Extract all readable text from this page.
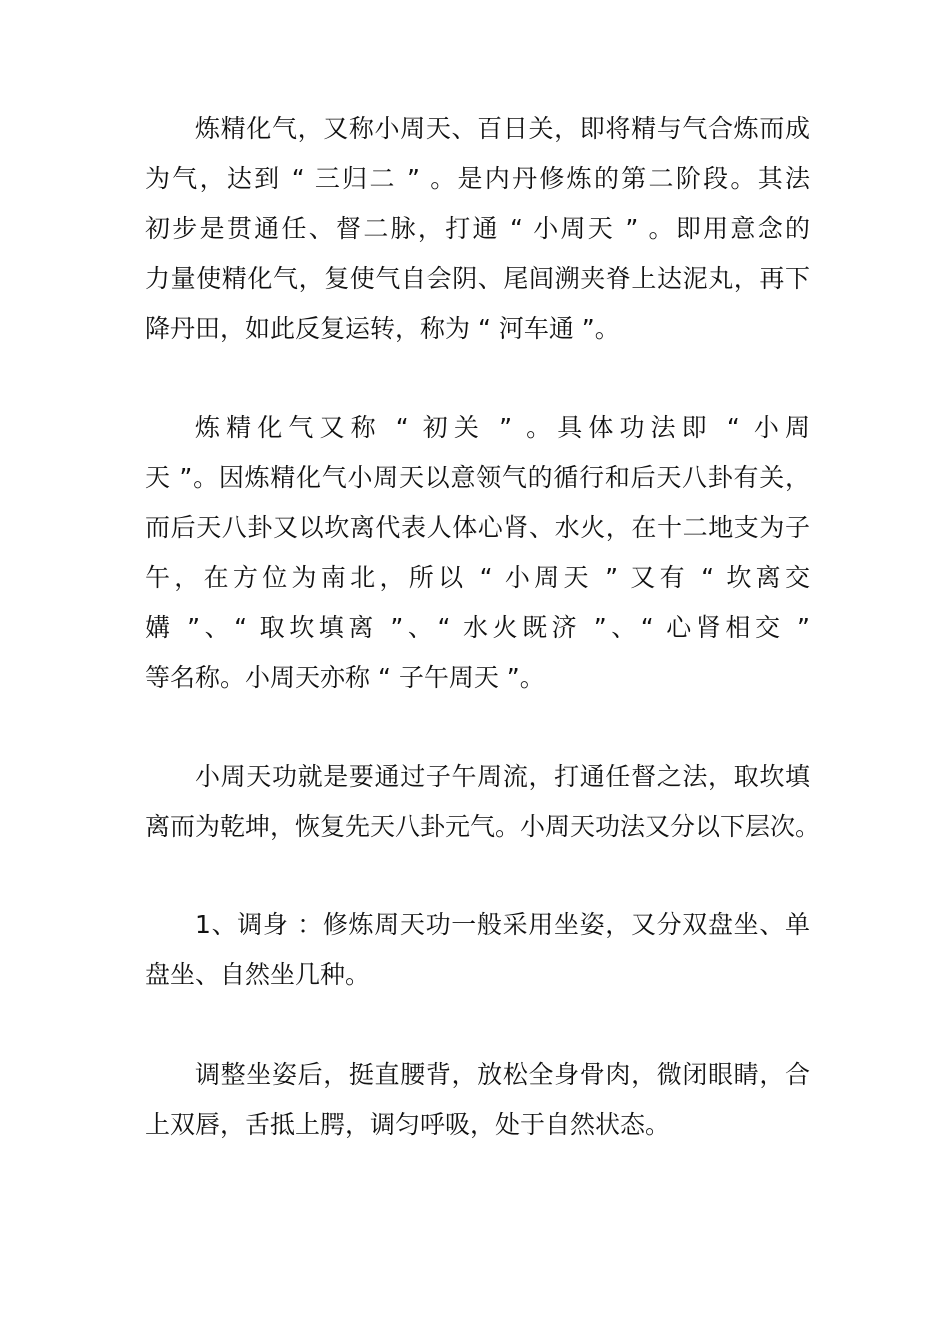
炼精化气，又称小周天、百日关，即将精与气合炼而成
为气，达到 “ 三归二 ” 。是内丹修炼的第二阶段。其法
初步是贯通任、督二脉，打通 “ 小周天 ” 。即用意念的
力量使精化气，复使气自会阴、尾闾溯夹脊上达泥丸，再下
降丹田，如此反复运转，称为 “ 河车通 ”。
炼精化气又称 “ 初关 ” 。具体功法即 “ 小周
天 ”。因炼精化气小周天以意领气的循行和后天八卦有关，
而后天八卦又以坎离代表人体心肾、水火，在十二地支为子
午，在方位为南北，所以 “ 小周天 ” 又有 “ 坎离交
媾 ”、“ 取坎填离 ”、“ 水火既济 ”、“ 心肾相交 ”
等名称。小周天亦称 “ 子午周天 ”。
小周天功就是要通过子午周流，打通任督之法，取坎填
离而为乾坤，恢复先天八卦元气。小周天功法又分以下层次。
1、调身 ：修炼周天功一般采用坐姿，又分双盘坐、单
盘坐、自然坐几种。
调整坐姿后，挺直腰背，放松全身骨肉，微闭眼睛，合
上双唇，舌抵上腭，调匀呼吸，处于自然状态。
